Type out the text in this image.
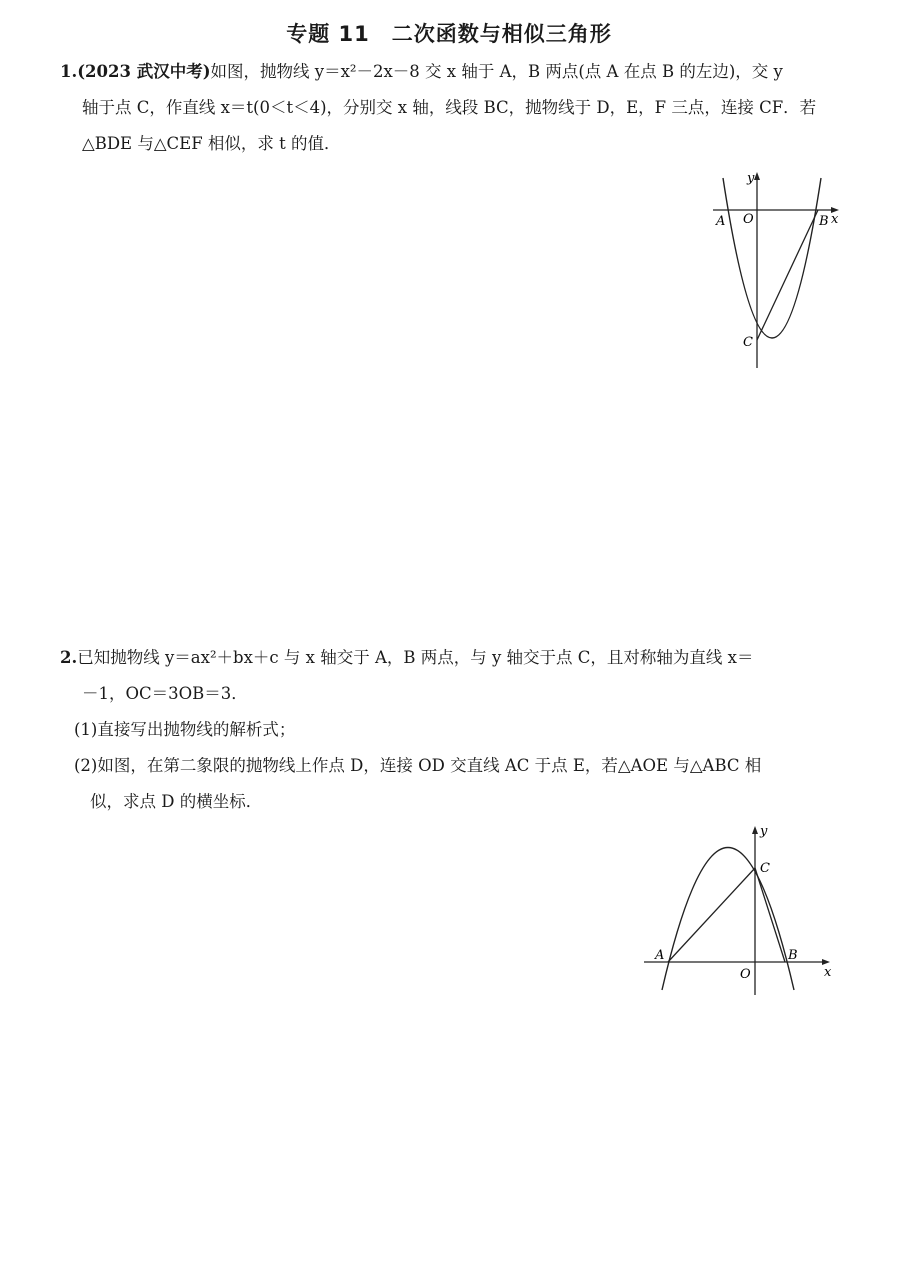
专题 11　二次函数与相似三角形
1.(2023 武汉中考)如图，抛物线 y＝x²－2x－8 交 x 轴于 A，B 两点(点 A 在点 B 的左边)，交 y
轴于点 C，作直线 x＝t(0＜t＜4)，分别交 x 轴，线段 BC，抛物线于 D，E，F 三点，连接 CF．若
△BDE 与△CEF 相似，求 t 的值．
y
x
A O	B
C
2.已知抛物线 y＝ax²＋bx＋c 与 x 轴交于 A，B 两点，与 y 轴交于点 C，且对称轴为直线 x＝
－1，OC＝3OB＝3．
(1)直接写出抛物线的解析式；
(2)如图，在第二象限的抛物线上作点 D，连接 OD 交直线 AC 于点 E，若△AOE 与△ABC 相
似，求点 D 的横坐标．
y
x
A
O
B
C
